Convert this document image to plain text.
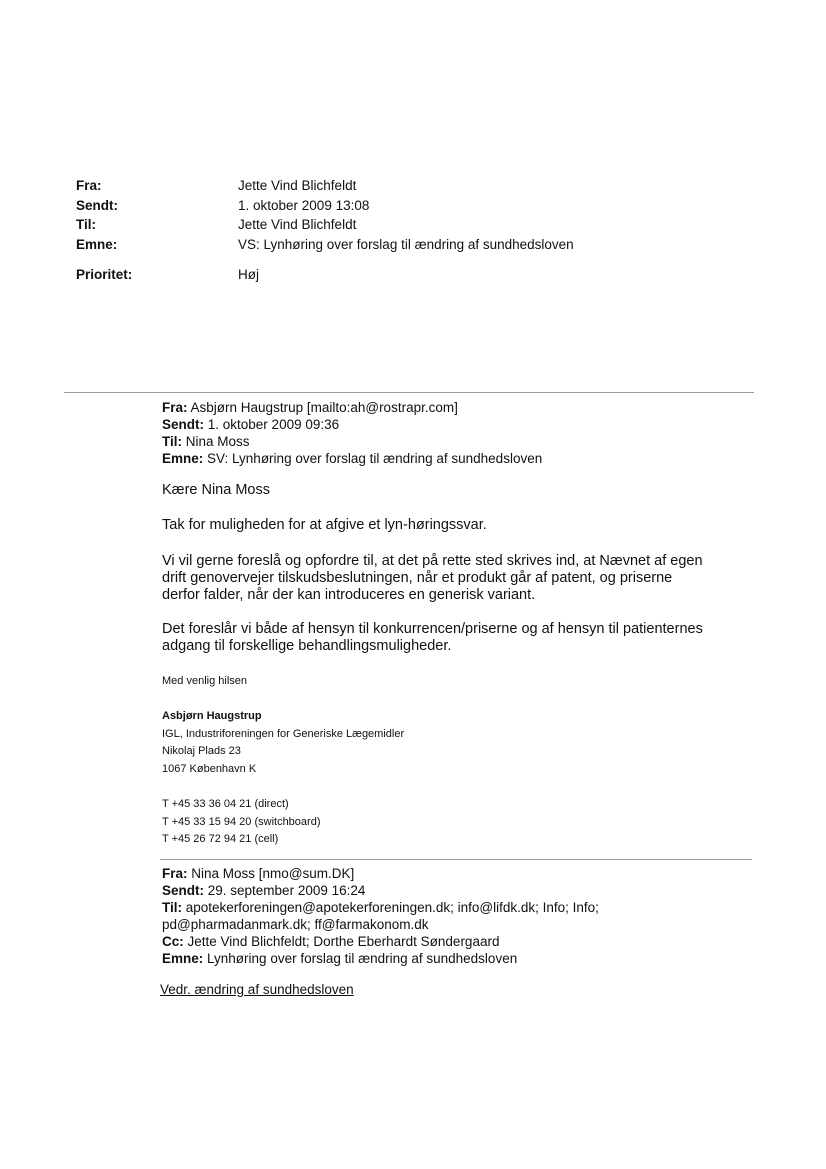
Fra:	Jette Vind Blichfeldt
Sendt:	1. oktober 2009 13:08
Til:	Jette Vind Blichfeldt
Emne:	VS: Lynhøring over forslag til ændring af sundhedsloven
Prioritet:	Høj
Fra: Asbjørn Haugstrup [mailto:ah@rostrapr.com]
Sendt: 1. oktober 2009 09:36
Til: Nina Moss
Emne: SV: Lynhøring over forslag til ændring af sundhedsloven
Kære Nina Moss
Tak for muligheden for at afgive et lyn-høringssvar.
Vi vil gerne foreslå og opfordre til, at det på rette sted skrives ind, at Nævnet af egen
drift genovervejer tilskudsbeslutningen, når et produkt går af patent, og priserne
derfor falder, når der kan introduceres en generisk variant.
Det foreslår vi både af hensyn til konkurrencen/priserne og af hensyn til patienternes
adgang til forskellige behandlingsmuligheder.
Med venlig hilsen
Asbjørn Haugstrup
IGL, Industriforeningen for Generiske Lægemidler
Nikolaj Plads 23
1067 København K
T +45 33 36 04 21 (direct)
T +45 33 15 94 20 (switchboard)
T +45 26 72 94 21 (cell)
Fra: Nina Moss [nmo@sum.DK]
Sendt: 29. september 2009 16:24
Til: apotekerforeningen@apotekerforeningen.dk; info@lifdk.dk; Info; Info;
pd@pharmadanmark.dk; ff@farmakonom.dk
Cc: Jette Vind Blichfeldt; Dorthe Eberhardt Søndergaard
Emne: Lynhøring over forslag til ændring af sundhedsloven
Vedr. ændring af sundhedsloven
